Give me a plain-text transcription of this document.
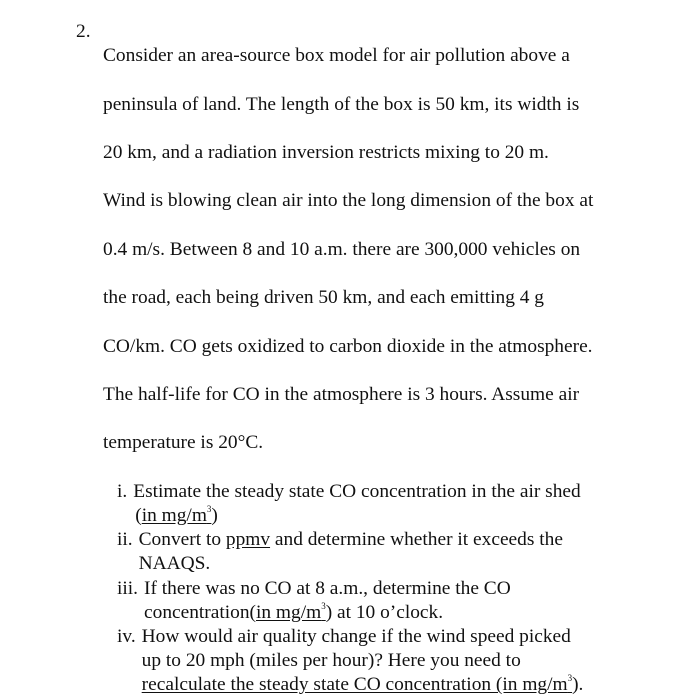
2.

Consider an area-source box model for air pollution above a

peninsula of land. The length of the box is 50 km, its width is

20 km, and a radiation inversion restricts mixing to 20 m.

Wind is blowing clean air into the long dimension of the box at

0.4 m/s. Between 8 and 10 a.m. there are 300,000 vehicles on

the road, each being driven 50 km, and each emitting 4 g

CO/km. CO gets oxidized to carbon dioxide in the atmosphere.

The half-life for CO in the atmosphere is 3 hours. Assume air

temperature is 20°C.

i. Estimate the steady state CO concentration in the air shed
(in $mg/m^3$)
ii. Convert to ppmv and determine whether it exceeds the
NAAQS.
iii. If there was no CO at 8 a.m., determine the CO
concentration(in $mg/m^3$) at 10 o’clock.
iv. How would air quality change if the wind speed picked
up to 20 mph (miles per hour)? Here you need to
recalculate the steady state CO concentration (in $mg/m^3$).
